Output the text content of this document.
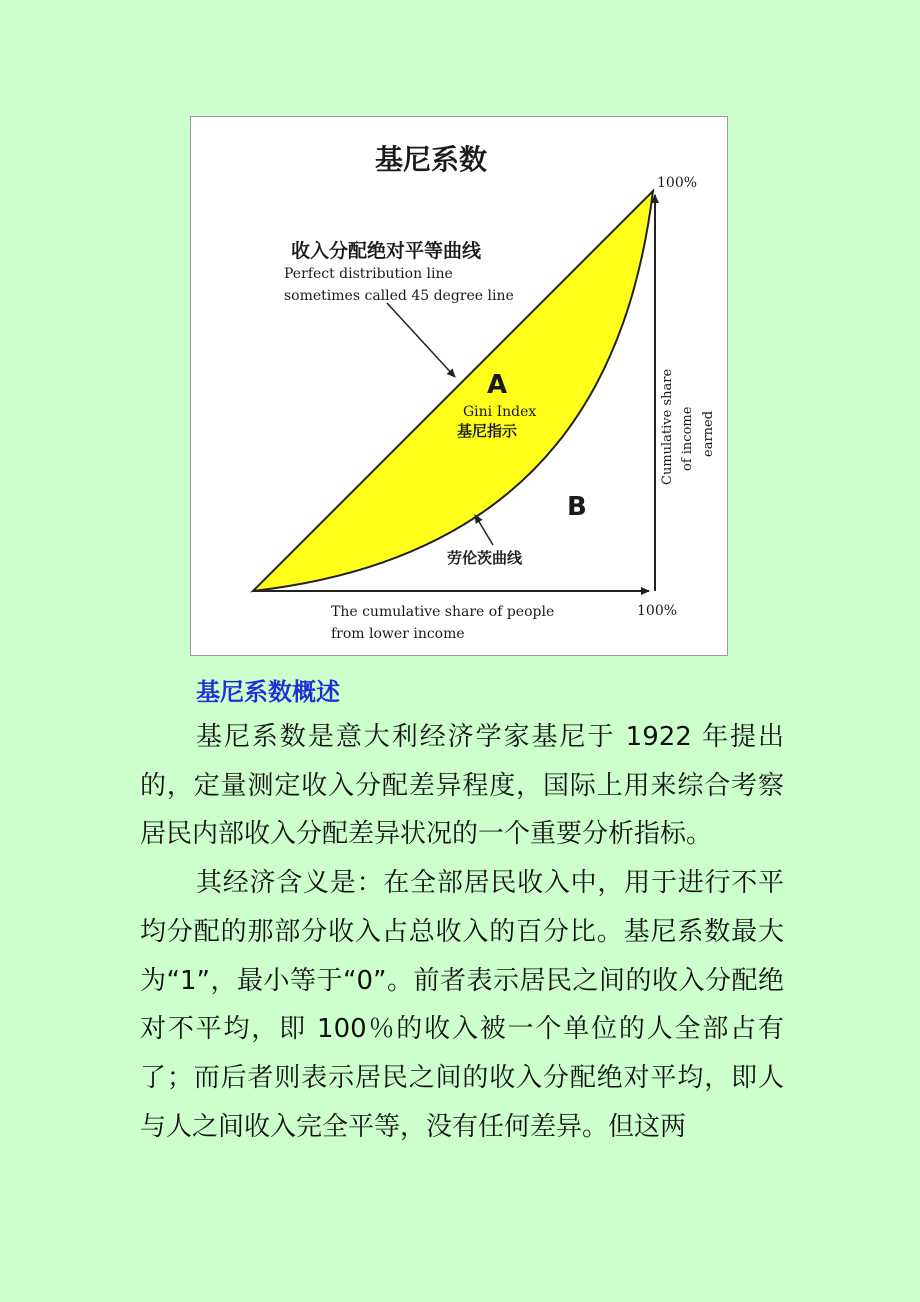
基尼系数
收入分配绝对平等曲线
Perfect distribution line
sometimes called 45 degree line
A
Gini Index
基尼指示
B
劳伦茨曲线
100%
100%
Cumulative share of income earned
The cumulative share of people
from lower income
基尼系数概述

基尼系数是意大利经济学家基尼于 1922 年提出的，定量测定收入分配差异程度，国际上用来综合考察居民内部收入分配差异状况的一个重要分析指标。

其经济含义是：在全部居民收入中，用于进行不平均分配的那部分收入占总收入的百分比。基尼系数最大为“1”，最小等于“0”。前者表示居民之间的收入分配绝对不平均，即 100％的收入被一个单位的人全部占有了；而后者则表示居民之间的收入分配绝对平均，即人与人之间收入完全平等，没有任何差异。但这两
